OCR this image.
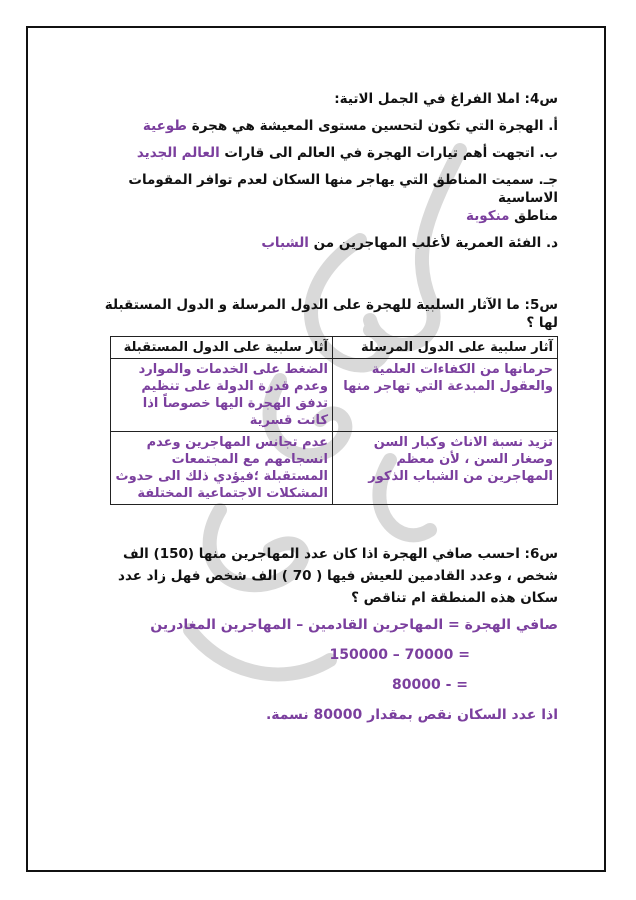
س4: املا الفراغ في الجمل الاتية:
أ. الهجرة التي تكون لتحسين مستوى المعيشة هي هجرة طوعية
ب. اتجهت أهم تيارات الهجرة في العالم الى قارات العالم الجديد
جـ. سميت المناطق التي يهاجر منها السكان لعدم توافر المقومات الاساسية
مناطق منكوبة
د. الفئة العمرية لأغلب المهاجرين من الشباب
س5: ما الآثار السلبية للهجرة على الدول المرسلة و الدول المستقبلة لها ؟
آثار سلبية على الدول المرسلة	آثار سلبية على الدول المستقبلة
حرمانها من الكفاءات العلمية والعقول المبدعة التي تهاجر منها	الضغط على الخدمات والموارد وعدم قدرة الدولة على تنظيم تدفق الهجرة اليها خصوصاً اذا كانت قسرية
تزيد نسبة الاناث وكبار السن وصغار السن ، لأن معظم المهاجرين من الشباب الذكور	عدم تجانس المهاجرين وعدم انسجامهم مع المجتمعات المستقبلة ؛فيؤدي ذلك الى حدوث المشكلات الاجتماعية المختلفة
س6: احسب صافي الهجرة اذا كان عدد المهاجرين منها (150) الف شخص ، وعدد القادمين للعيش فيها ( 70 ) الف شخص فهل زاد عدد سكان هذه المنطقة ام تناقص ؟
صافي الهجرة = المهاجرين القادمين – المهاجرين المغادرين
150000 – 70000 =
80000 - =
اذا عدد السكان نقص بمقدار 80000 نسمة.
